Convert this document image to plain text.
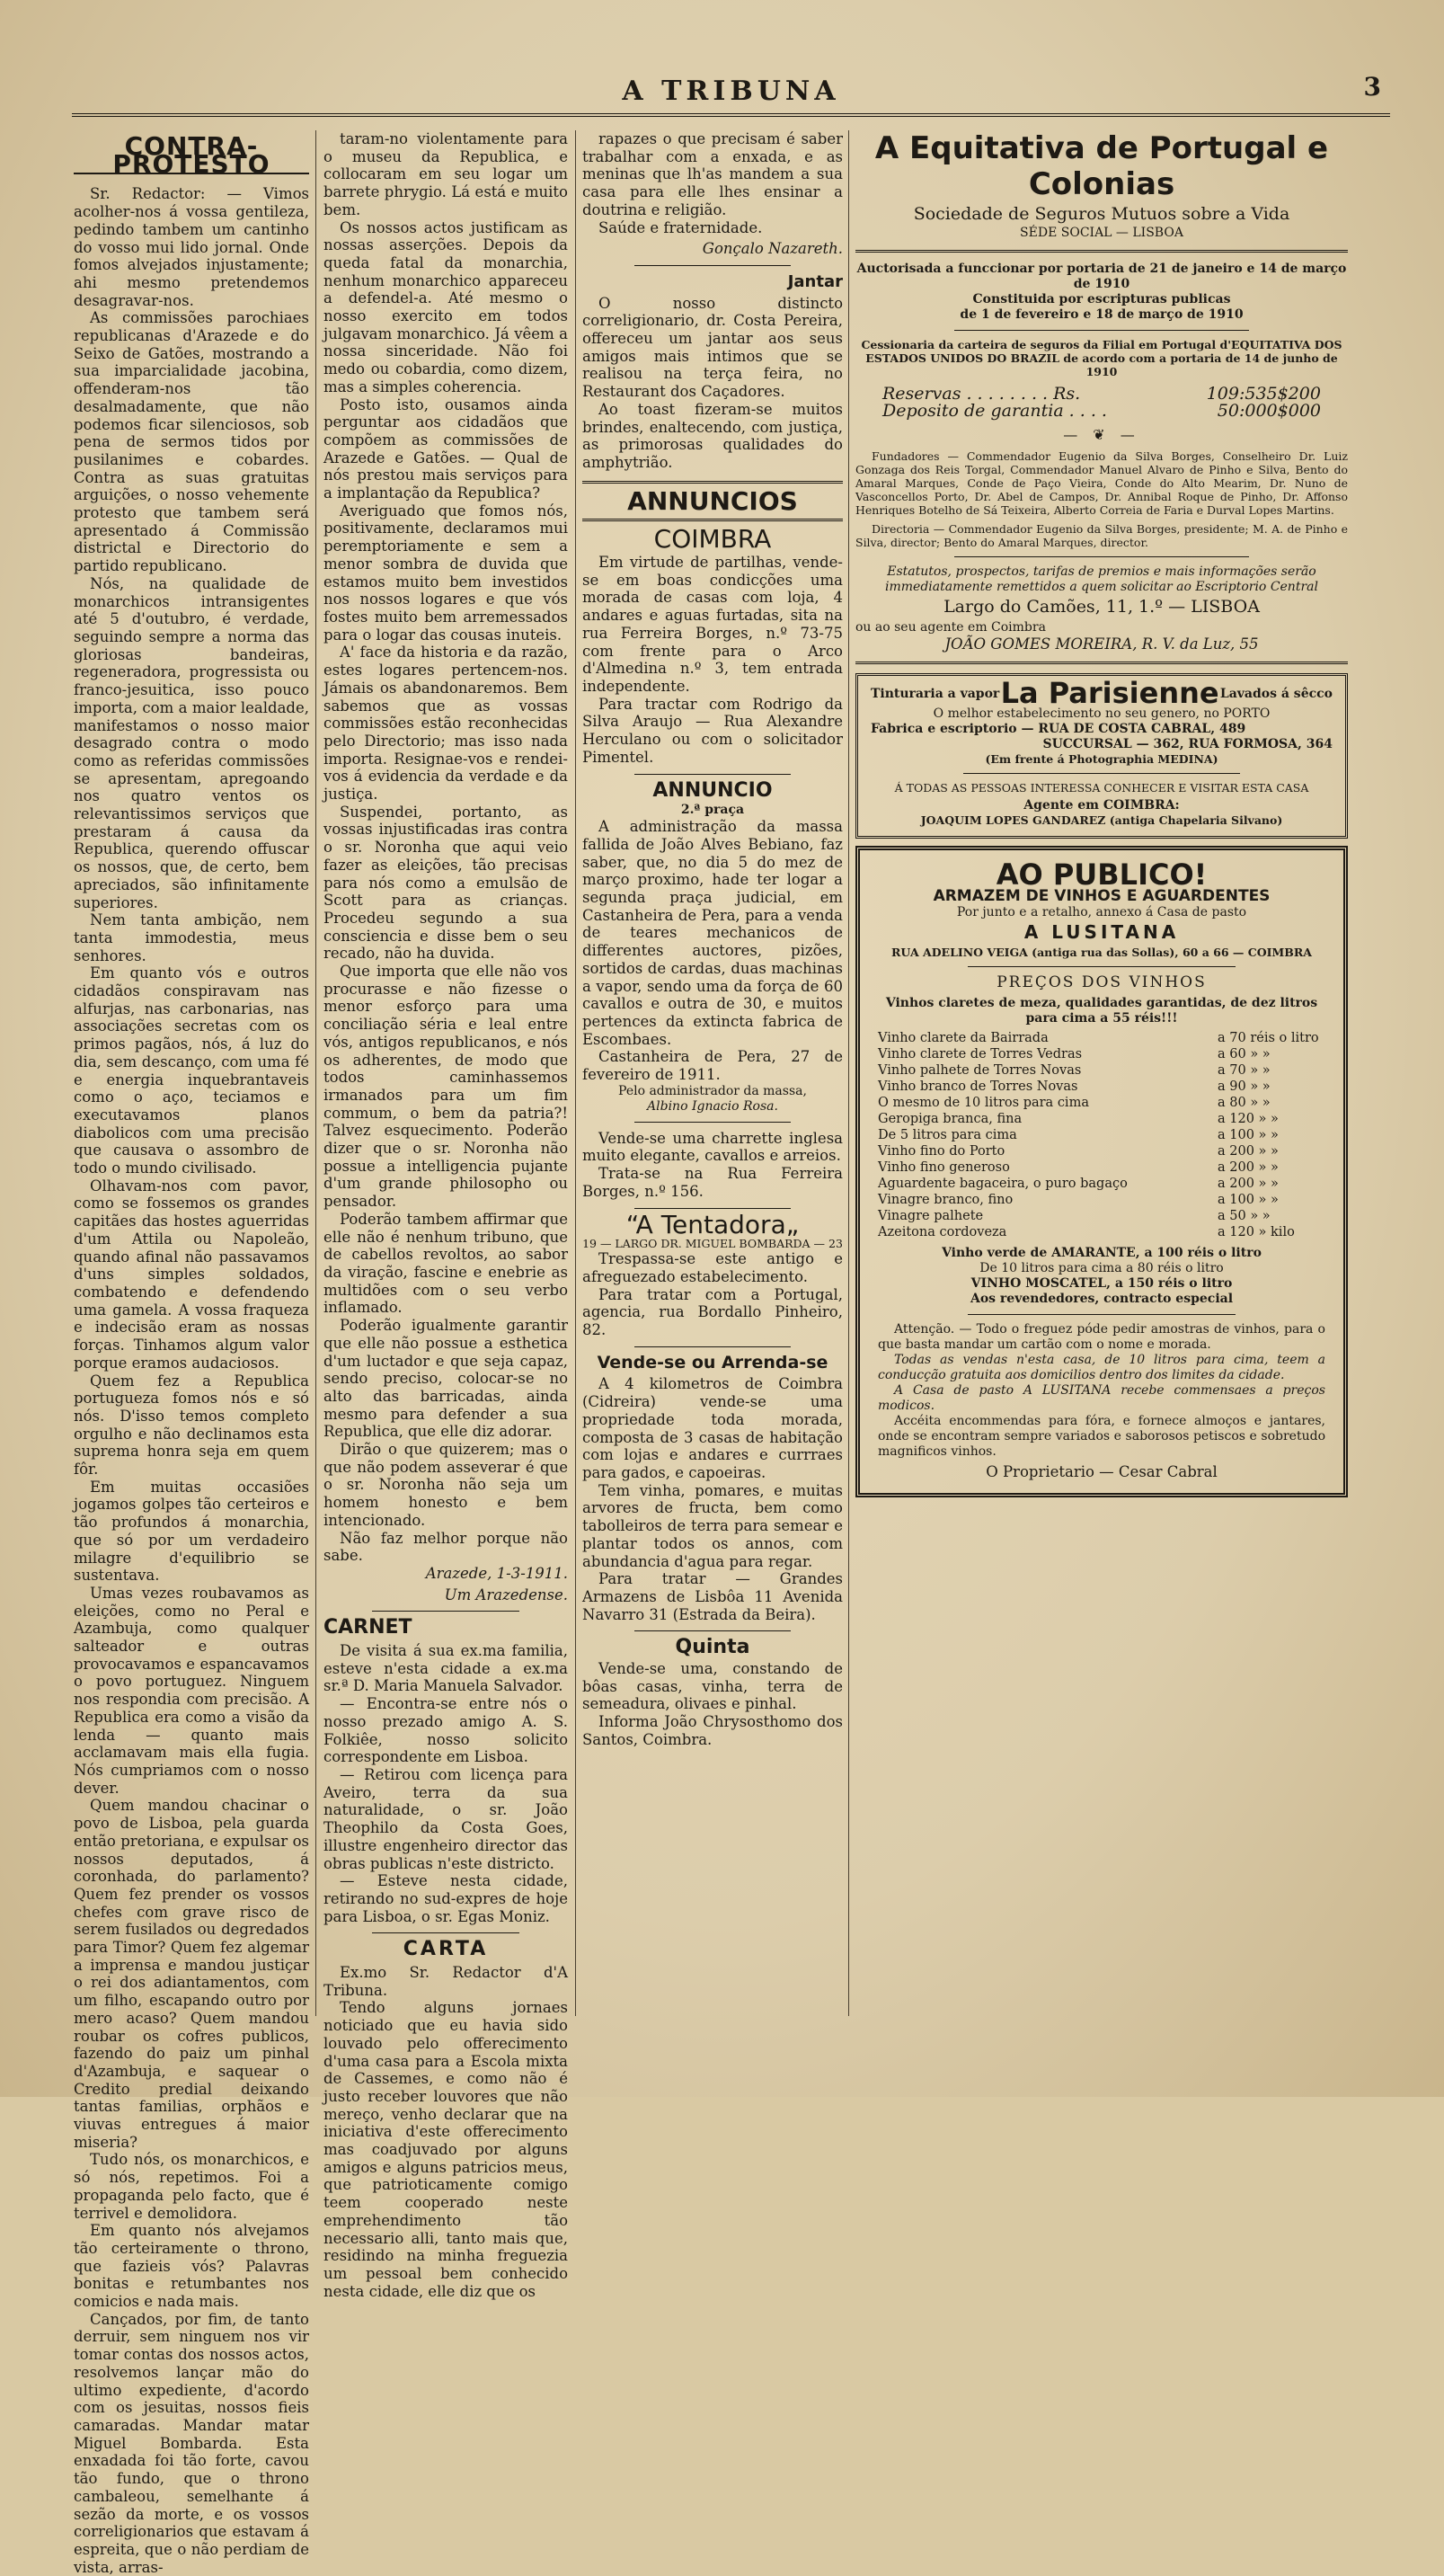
A TRIBUNA	3
CONTRA-PROTESTO

Sr. Redactor: — Vimos acolher-nos á vossa gentileza, pedindo tambem um cantinho do vosso mui lido jornal. Onde fomos alvejados injustamente; ahi mesmo pretendemos desagravar-nos.

As commissões parochiaes republicanas d'Arazede e do Seixo de Gatões, mostrando a sua imparcialidade jacobina, offenderam-nos tão desalmadamente, que não podemos ficar silenciosos, sob pena de sermos tidos por pusilanimes e cobardes. Contra as suas gratuitas arguições, o nosso vehemente protesto que tambem será apresentado á Commissão districtal e Directorio do partido republicano.

Nós, na qualidade de monarchicos intransigentes até 5 d'outubro, é verdade, seguindo sempre a norma das gloriosas bandeiras, regeneradora, progressista ou franco-jesuitica, isso pouco importa, com a maior lealdade, manifestamos o nosso maior desagrado contra o modo como as referidas commissões se apresentam, apregoando nos quatro ventos os relevantissimos serviços que prestaram á causa da Republica, querendo offuscar os nossos, que, de certo, bem apreciados, são infinitamente superiores.

Nem tanta ambição, nem tanta immodestia, meus senhores.

Em quanto vós e outros cidadãos conspiravam nas alfurjas, nas carbonarias, nas associações secretas com os primos pagãos, nós, á luz do dia, sem descanço, com uma fé e energia inquebrantaveis como o aço, teciamos e executavamos planos diabolicos com uma precisão que causava o assombro de todo o mundo civilisado.

Olhavam-nos com pavor, como se fossemos os grandes capitães das hostes aguerridas d'um Attila ou Napoleão, quando afinal não passavamos d'uns simples soldados, combatendo e defendendo uma gamela. A vossa fraqueza e indecisão eram as nossas forças. Tinhamos algum valor porque eramos audaciosos.

Quem fez a Republica portugueza fomos nós e só nós. D'isso temos completo orgulho e não declinamos esta suprema honra seja em quem fôr.

Em muitas occasiões jogamos golpes tão certeiros e tão profundos á monarchia, que só por um verdadeiro milagre d'equilibrio se sustentava.

Umas vezes roubavamos as eleições, como no Peral e Azambuja, como qualquer salteador e outras provocavamos e espancavamos o povo portuguez. Ninguem nos respondia com precisão. A Republica era como a visão da lenda — quanto mais acclamavam mais ella fugia. Nós cumpriamos com o nosso dever.

Quem mandou chacinar o povo de Lisboa, pela guarda então pretoriana, e expulsar os nossos deputados, á coronhada, do parlamento? Quem fez prender os vossos chefes com grave risco de serem fusilados ou degredados para Timor? Quem fez algemar a imprensa e mandou justiçar o rei dos adiantamentos, com um filho, escapando outro por mero acaso? Quem mandou roubar os cofres publicos, fazendo do paiz um pinhal d'Azambuja, e saquear o Credito predial deixando tantas familias, orphãos e viuvas entregues á maior miseria?

Tudo nós, os monarchicos, e só nós, repetimos. Foi a propaganda pelo facto, que é terrivel e demolidora.

Em quanto nós alvejamos tão certeiramente o throno, que fazieis vós? Palavras bonitas e retumbantes nos comicios e nada mais.

Cançados, por fim, de tanto derruir, sem ninguem nos vir tomar contas dos nossos actos, resolvemos lançar mão do ultimo expediente, d'acordo com os jesuitas, nossos fieis camaradas. Mandar matar Miguel Bombarda. Esta enxadada foi tão forte, cavou tão fundo, que o throno cambaleou, semelhante á sezão da morte, e os vossos correligionarios que estavam á espreita, que o não perdiam de vista, arras-

taram-no violentamente para o museu da Republica, e collocaram em seu logar um barrete phrygio. Lá está e muito bem.

Os nossos actos justificam as nossas asserções. Depois da queda fatal da monarchia, nenhum monarchico appareceu a defendel-a. Até mesmo o nosso exercito em todos julgavam monarchico. Já vêem a nossa sinceridade. Não foi medo ou cobardia, como dizem, mas a simples coherencia.

Posto isto, ousamos ainda perguntar aos cidadãos que compõem as commissões de Arazede e Gatões. — Qual de nós prestou mais serviços para a implantação da Republica?

Averiguado que fomos nós, positivamente, declaramos mui peremptoriamente e sem a menor sombra de duvida que estamos muito bem investidos nos nossos logares e que vós fostes muito bem arremessados para o logar das cousas inuteis.

A' face da historia e da razão, estes logares pertencem-nos. Jámais os abandonaremos. Bem sabemos que as vossas commissões estão reconhecidas pelo Directorio; mas isso nada importa. Resignae-vos e rendei-vos á evidencia da verdade e da justiça.

Suspendei, portanto, as vossas injustificadas iras contra o sr. Noronha que aqui veio fazer as eleições, tão precisas para nós como a emulsão de Scott para as crianças. Procedeu segundo a sua consciencia e disse bem o seu recado, não ha duvida.

Que importa que elle não vos procurasse e não fizesse o menor esforço para uma conciliação séria e leal entre vós, antigos republicanos, e nós os adherentes, de modo que todos caminhassemos irmanados para um fim commum, o bem da patria?! Talvez esquecimento. Poderão dizer que o sr. Noronha não possue a intelligencia pujante d'um grande philosopho ou pensador.

Poderão tambem affirmar que elle não é nenhum tribuno, que de cabellos revoltos, ao sabor da viração, fascine e enebrie as multidões com o seu verbo inflamado.

Poderão igualmente garantir que elle não possue a esthetica d'um luctador e que seja capaz, sendo preciso, colocar-se no alto das barricadas, ainda mesmo para defender a sua Republica, que elle diz adorar.

Dirão o que quizerem; mas o que não podem asseverar é que o sr. Noronha não seja um homem honesto e bem intencionado.

Não faz melhor porque não sabe.

Arazede, 1-3-1911.

Um Arazedense.

CARNET

De visita á sua ex.ma familia, esteve n'esta cidade a ex.ma sr.ª D. Maria Manuela Salvador.

— Encontra-se entre nós o nosso prezado amigo A. S. Folkiêe, nosso solicito correspondente em Lisboa.

— Retirou com licença para Aveiro, terra da sua naturalidade, o sr. João Theophilo da Costa Goes, illustre engenheiro director das obras publicas n'este districto.

— Esteve nesta cidade, retirando no sud-expres de hoje para Lisboa, o sr. Egas Moniz.

CARTA

Ex.mo Sr. Redactor d'A Tribuna.

Tendo alguns jornaes noticiado que eu havia sido louvado pelo offerecimento d'uma casa para a Escola mixta de Cassemes, e como não é justo receber louvores que não mereço, venho declarar que na iniciativa d'este offerecimento mas coadjuvado por alguns amigos e alguns patricios meus, que patrioticamente comigo teem cooperado neste emprehendimento tão necessario alli, tanto mais que, residindo na minha freguezia um pessoal bem conhecido nesta cidade, elle diz que os

rapazes o que precisam é saber trabalhar com a enxada, e as meninas que lh'as mandem a sua casa para elle lhes ensinar a doutrina e religião.

Saúde e fraternidade.

Gonçalo Nazareth.

Jantar

O nosso distincto correligionario, dr. Costa Pereira, offereceu um jantar aos seus amigos mais intimos que se realisou na terça feira, no Restaurant dos Caçadores.

Ao toast fizeram-se muitos brindes, enaltecendo, com justiça, as primorosas qualidades do amphytrião.

ANNUNCIOS
COIMBRA

Em virtude de partilhas, vende-se em boas condicções uma morada de casas com loja, 4 andares e aguas furtadas, sita na rua Ferreira Borges, n.º 73-75 com frente para o Arco d'Almedina n.º 3, tem entrada independente.

Para tractar com Rodrigo da Silva Araujo — Rua Alexandre Herculano ou com o solicitador Pimentel.

ANNUNCIO
2.ª praça

A administração da massa fallida de João Alves Bebiano, faz saber, que, no dia 5 do mez de março proximo, hade ter logar a segunda praça judicial, em Castanheira de Pera, para a venda de teares mechanicos de differentes auctores, pizões, sortidos de cardas, duas machinas a vapor, sendo uma da força de 60 cavallos e outra de 30, e muitos pertences da extincta fabrica de Escombaes.

Castanheira de Pera, 27 de fevereiro de 1911.

Pelo administrador da massa,

Albino Ignacio Rosa.

Vende-se uma charrette inglesa muito elegante, cavallos e arreios.

Trata-se na Rua Ferreira Borges, n.º 156.

“A Tentadora„
19 — LARGO DR. MIGUEL BOMBARDA — 23

Trespassa-se este antigo e afreguezado estabelecimento.

Para tratar com a Portugal, agencia, rua Bordallo Pinheiro, 82.

Vende-se ou Arrenda-se

A 4 kilometros de Coimbra (Cidreira) vende-se uma propriedade toda morada, composta de 3 casas de habitação com lojas e andares e currraes para gados, e capoeiras.

Tem vinha, pomares, e muitas arvores de fructa, bem como tabolleiros de terra para semear e plantar todos os annos, com abundancia d'agua para regar.

Para tratar — Grandes Armazens de Lisbôa 11 Avenida Navarro 31 (Estrada da Beira).

Quinta

Vende-se uma, constando de bôas casas, vinha, terra de semeadura, olivaes e pinhal.

Informa João Chrysosthomo dos Santos, Coimbra.

A Equitativa de Portugal e Colonias
Sociedade de Seguros Mutuos sobre a Vida
SÉDE SOCIAL — LISBOA
Auctorisada a funccionar por portaria de 21 de janeiro e 14 de março de 1910
Constituida por escripturas publicas
de 1 de fevereiro e 18 de março de 1910
Cessionaria da carteira de seguros da Filial em Portugal d'EQUITATIVA DOS ESTADOS UNIDOS DO BRAZIL de acordo com a portaria de 14 de junho de 1910
Reservas . . . . . . . . Rs.	109:535$200
Deposito de garantia . . . .	50:000$000
— ❦ —

Fundadores — Commendador Eugenio da Silva Borges, Conselheiro Dr. Luiz Gonzaga dos Reis Torgal, Commendador Manuel Alvaro de Pinho e Silva, Bento do Amaral Marques, Conde de Paço Vieira, Conde do Alto Mearim, Dr. Nuno de Vasconcellos Porto, Dr. Abel de Campos, Dr. Annibal Roque de Pinho, Dr. Affonso Henriques Botelho de Sá Teixeira, Alberto Correia de Faria e Durval Lopes Martins.

Directoria — Commendador Eugenio da Silva Borges, presidente; M. A. de Pinho e Silva, director; Bento do Amaral Marques, director.

Estatutos, prospectos, tarifas de premios e mais informações serão immediatamente remettidos a quem solicitar ao Escriptorio Central

Largo do Camões, 11, 1.º — LISBOA
ou ao seu agente em Coimbra
JOÃO GOMES MOREIRA, R. V. da Luz, 55
Tinturaria a vapor La Parisienne Lavados á sêcco
O melhor estabelecimento no seu genero, no PORTO
Fabrica e escriptorio — RUA DE COSTA CABRAL, 489
SUCCURSAL — 362, RUA FORMOSA, 364
(Em frente á Photographia MEDINA)
Á TODAS AS PESSOAS INTERESSA CONHECER E VISITAR ESTA CASA
Agente em COIMBRA:
JOAQUIM LOPES GANDAREZ (antiga Chapelaria Silvano)
AO PUBLICO!
ARMAZEM DE VINHOS E AGUARDENTES
Por junto e a retalho, annexo á Casa de pasto
A LUSITANA
RUA ADELINO VEIGA (antiga rua das Sollas), 60 a 66 — COIMBRA
PREÇOS DOS VINHOS
Vinhos claretes de meza, qualidades garantidas, de dez litros para cima a 55 réis!!!
Vinho clarete da Bairrada	a 70 réis o litro
Vinho clarete de Torres Vedras	a 60 » »
Vinho palhete de Torres Novas	a 70 » »
Vinho branco de Torres Novas	a 90 » »
O mesmo de 10 litros para cima	a 80 » »
Geropiga branca, fina	a 120 » »
De 5 litros para cima	a 100 » »
Vinho fino do Porto	a 200 » »
Vinho fino generoso	a 200 » »
Aguardente bagaceira, o puro bagaço	a 200 » »
Vinagre branco, fino	a 100 » »
Vinagre palhete	a 50 » »
Azeitona cordoveza	a 120 » kilo
Vinho verde de AMARANTE, a 100 réis o litro
De 10 litros para cima a 80 réis o litro
VINHO MOSCATEL, a 150 réis o litro
Aos revendedores, contracto especial

Attenção. — Todo o freguez póde pedir amostras de vinhos, para o que basta mandar um cartão com o nome e morada.

Todas as vendas n'esta casa, de 10 litros para cima, teem a conducção gratuita aos domicilios dentro dos limites da cidade.

A Casa de pasto A LUSITANA recebe commensaes a preços modicos.

Accéita encommendas para fóra, e fornece almoços e jantares, onde se encontram sempre variados e saborosos petiscos e sobretudo magnificos vinhos.

O Proprietario — Cesar Cabral
